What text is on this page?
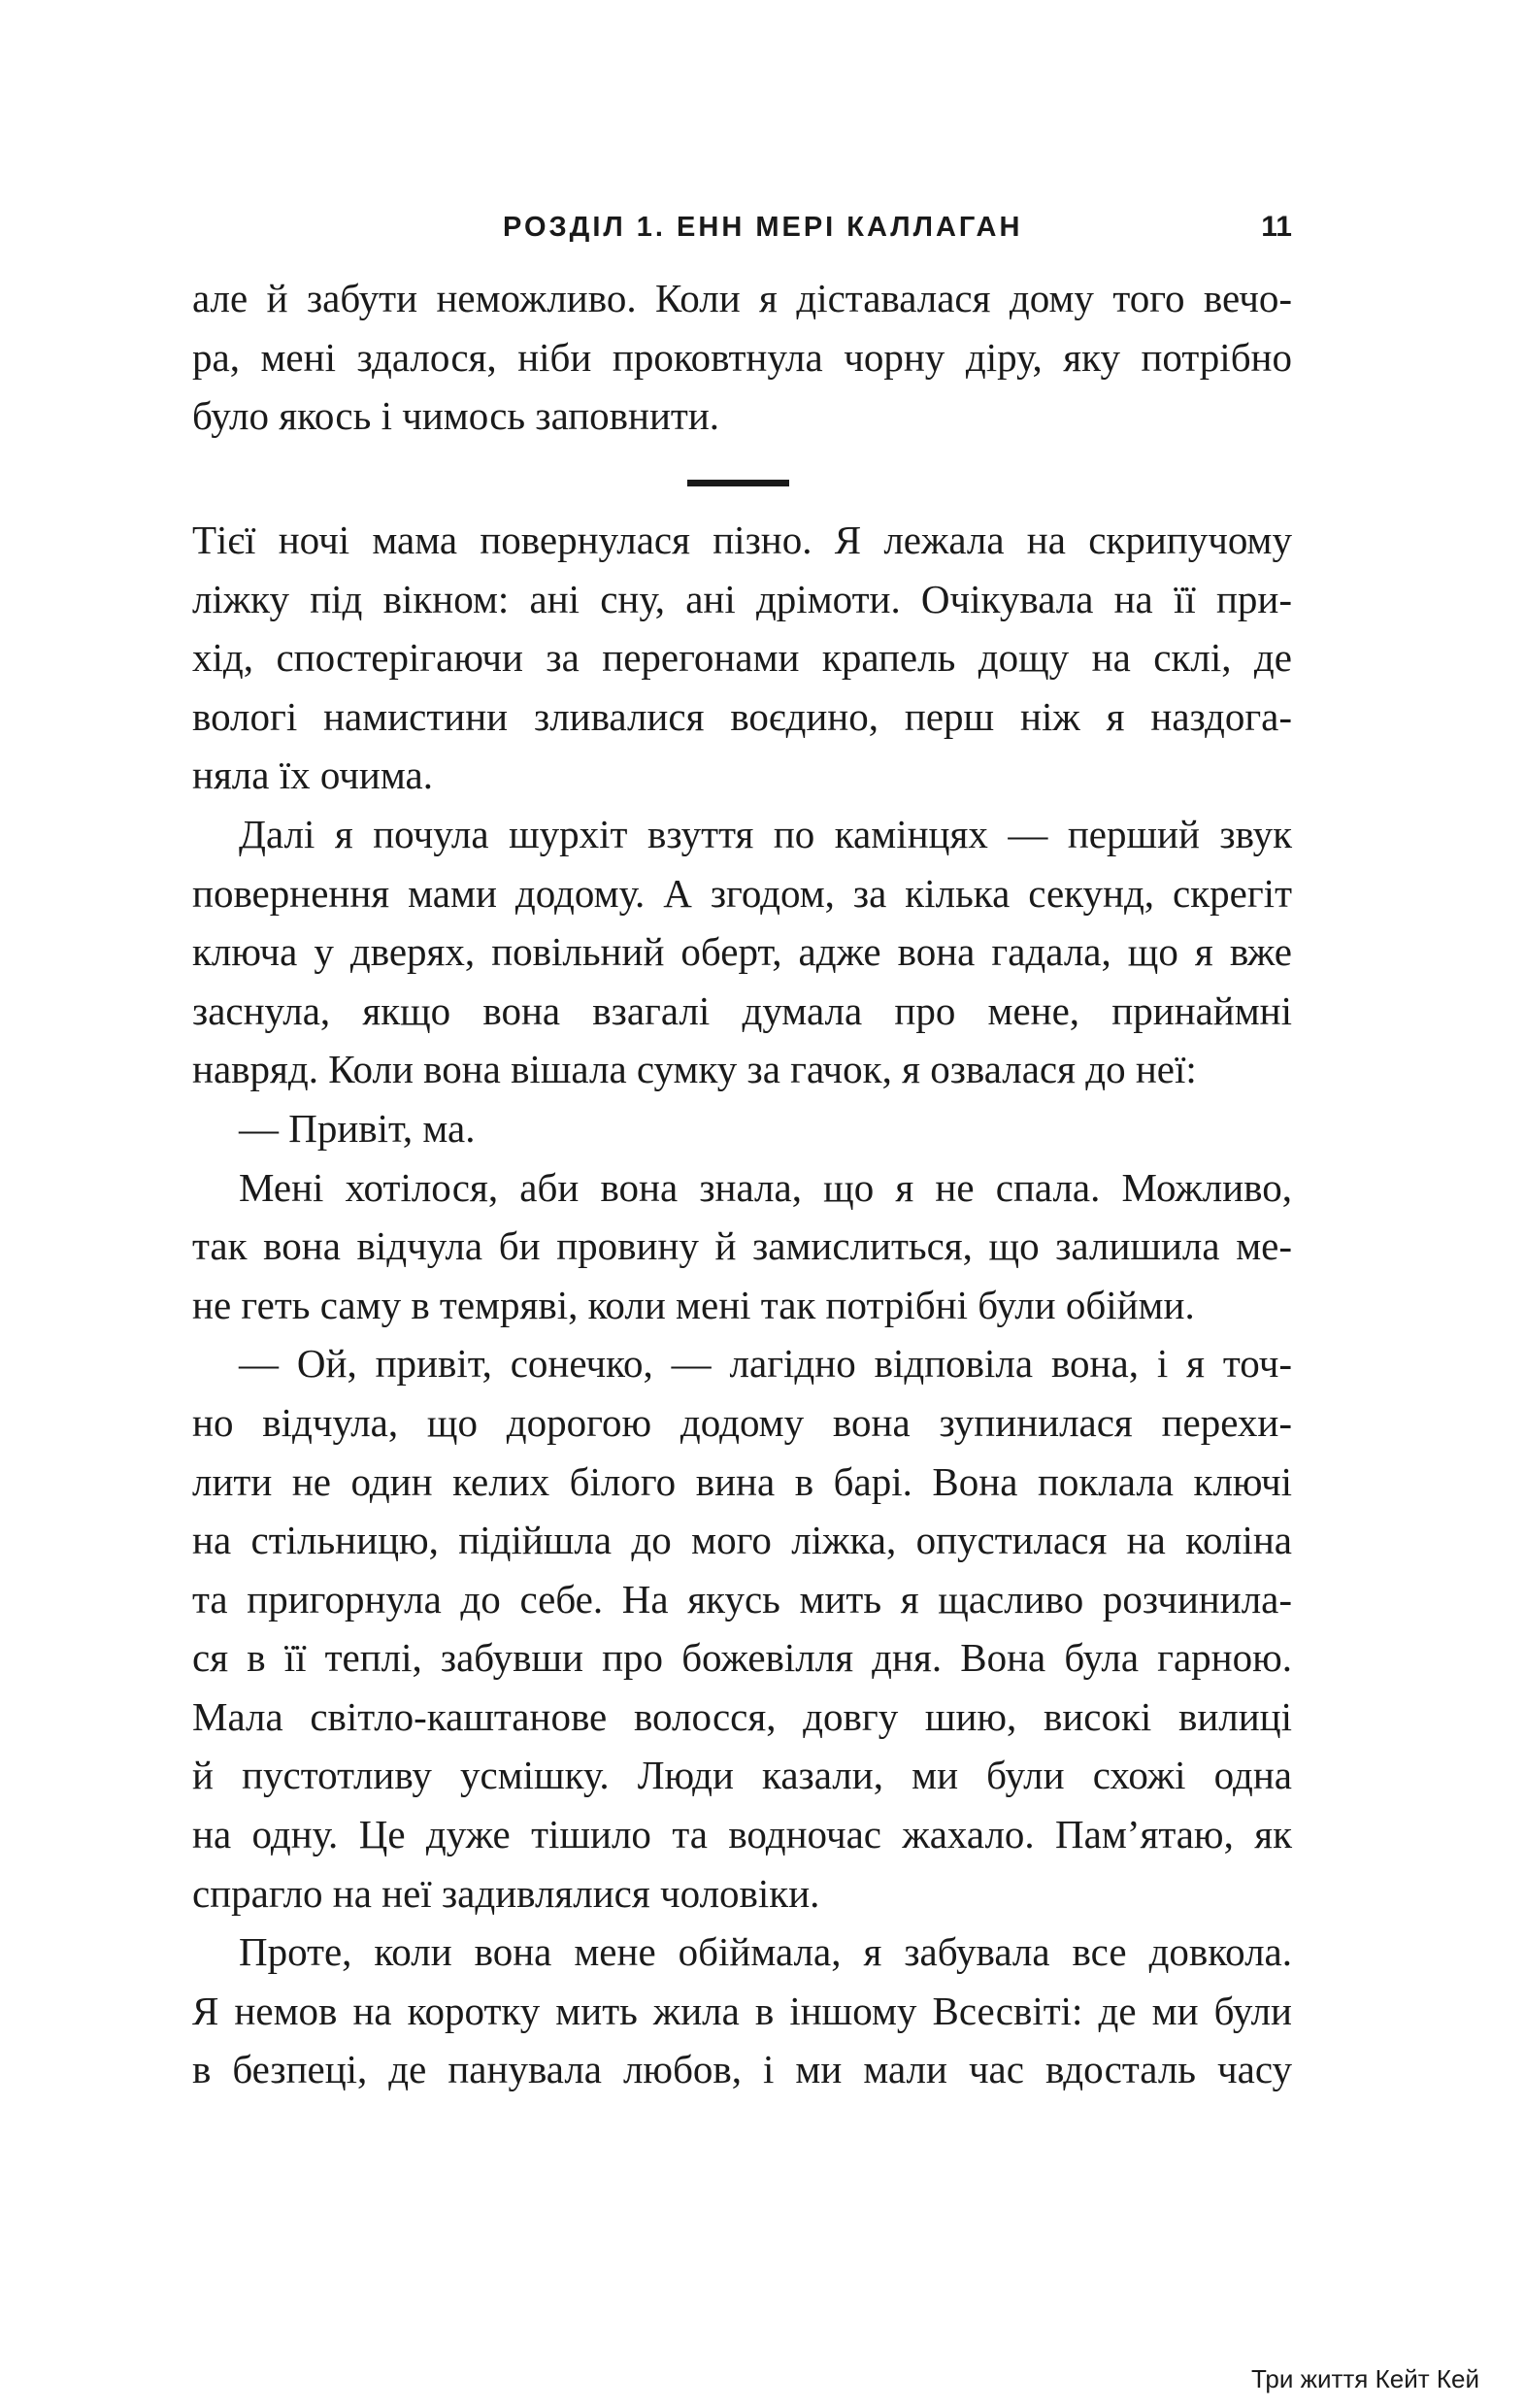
РОЗДІЛ 1. ЕНН МЕРІ КАЛЛАГАН	11

але й забути неможливо. Коли я діставалася дому того вечо-

ра, мені здалося, ніби проковтнула чорну діру, яку потрібно

було якось і чимось заповнити.

Тієї ночі мама повернулася пізно. Я лежала на скрипучому

ліжку під вікном: ані сну, ані дрімоти. Очікувала на її при-

хід, спостерігаючи за перегонами крапель дощу на склі, де

вологі намистини зливалися воєдино, перш ніж я наздога-

няла їх очима.

Далі я почула шурхіт взуття по камінцях — перший звук

повернення мами додому. А згодом, за кілька секунд, скрегіт

ключа у дверях, повільний оберт, адже вона гадала, що я вже

заснула, якщо вона взагалі думала про мене, принаймні

навряд. Коли вона вішала сумку за гачок, я озвалася до неї:

— Привіт, ма.

Мені хотілося, аби вона знала, що я не спала. Можливо,

так вона відчула би провину й замислиться, що залишила ме-

не геть саму в темряві, коли мені так потрібні були обійми.

— Ой, привіт, сонечко, — лагідно відповіла вона, і я точ-

но відчула, що дорогою додому вона зупинилася перехи-

лити не один келих білого вина в барі. Вона поклала ключі

на стільницю, підійшла до мого ліжка, опустилася на коліна

та пригорнула до себе. На якусь мить я щасливо розчинила-

ся в її теплі, забувши про божевілля дня. Вона була гарною.

Мала світло-каштанове волосся, довгу шию, високі вилиці

й пустотливу усмішку. Люди казали, ми були схожі одна

на одну. Це дуже тішило та водночас жахало. Пам’ятаю, як

спрагло на неї задивлялися чоловіки.

Проте, коли вона мене обіймала, я забувала все довкола.

Я немов на коротку мить жила в іншому Всесвіті: де ми були

в безпеці, де панувала любов, і ми мали час вдосталь часу

Три життя Кейт Кей
